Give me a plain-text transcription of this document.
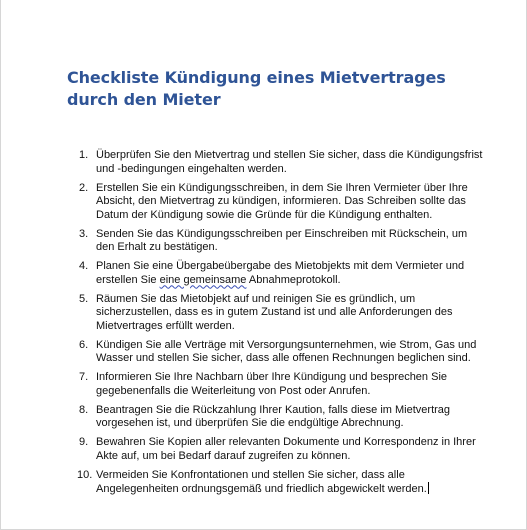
Checkliste Kündigung eines Mietvertrages durch den Mieter
1. Überprüfen Sie den Mietvertrag und stellen Sie sicher, dass die Kündigungsfrist und -bedingungen eingehalten werden.
2. Erstellen Sie ein Kündigungsschreiben, in dem Sie Ihren Vermieter über Ihre Absicht, den Mietvertrag zu kündigen, informieren. Das Schreiben sollte das Datum der Kündigung sowie die Gründe für die Kündigung enthalten.
3. Senden Sie das Kündigungsschreiben per Einschreiben mit Rückschein, um den Erhalt zu bestätigen.
4. Planen Sie eine Übergabeübergabe des Mietobjekts mit dem Vermieter und erstellen Sie eine gemeinsame Abnahmeprotokoll.
5. Räumen Sie das Mietobjekt auf und reinigen Sie es gründlich, um sicherzustellen, dass es in gutem Zustand ist und alle Anforderungen des Mietvertrages erfüllt werden.
6. Kündigen Sie alle Verträge mit Versorgungsunternehmen, wie Strom, Gas und Wasser und stellen Sie sicher, dass alle offenen Rechnungen beglichen sind.
7. Informieren Sie Ihre Nachbarn über Ihre Kündigung und besprechen Sie gegebenenfalls die Weiterleitung von Post oder Anrufen.
8. Beantragen Sie die Rückzahlung Ihrer Kaution, falls diese im Mietvertrag vorgesehen ist, und überprüfen Sie die endgültige Abrechnung.
9. Bewahren Sie Kopien aller relevanten Dokumente und Korrespondenz in Ihrer Akte auf, um bei Bedarf darauf zugreifen zu können.
10. Vermeiden Sie Konfrontationen und stellen Sie sicher, dass alle Angelegenheiten ordnungsgemäß und friedlich abgewickelt werden.
